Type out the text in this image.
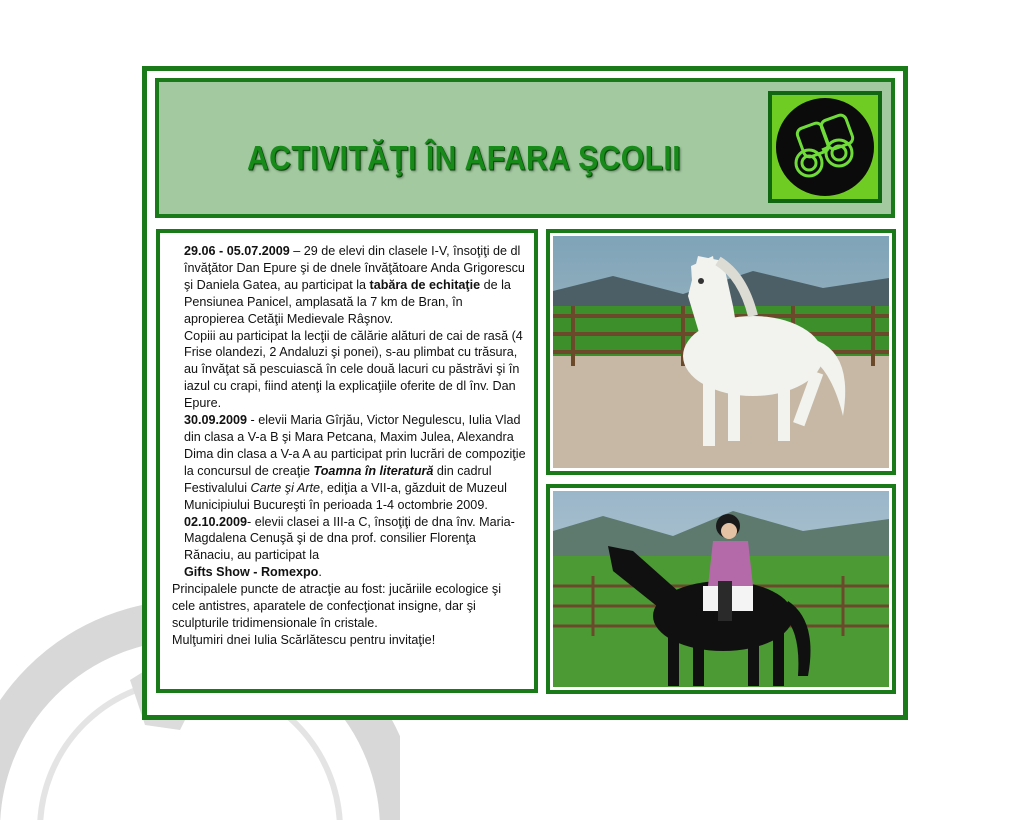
ACTIVITĂŢI ÎN AFARA ŞCOLII

29.06 - 05.07.2009 – 29 de elevi din clasele I-V, însoţiţi de dl învăţător Dan Epure şi de dnele învăţătoare Anda Grigorescu şi Daniela Gatea, au participat la tabăra de echitaţie de la Pensiunea Panicel, amplasată la 7 km de Bran, în apropierea Cetăţii Medievale Râşnov.

Copiii au participat la lecţii de călărie alături de cai de rasă (4 Frise olandezi, 2 Andaluzi şi ponei), s-au plimbat cu trăsura, au învăţat să pescuiască în cele două lacuri cu păstrăvi şi în iazul cu crapi, fiind atenţi la explicaţiile oferite de dl înv. Dan Epure.

30.09.2009 - elevii Maria Gîrjău, Victor Negulescu, Iulia Vlad din clasa a V-a B şi Mara Petcana, Maxim Julea, Alexandra Dima din clasa a V-a A au participat prin lucrări de compoziţie la concursul de creaţie Toamna în literatură din cadrul Festivalului Carte şi Arte, ediţia a VII-a, găzduit de Muzeul Municipiului Bucureşti în perioada 1-4 octombrie 2009.

02.10.2009- elevii clasei a III-a C, însoţiţi de dna înv. Maria-Magdalena Cenuşă şi de dna prof. consilier Florenţa Rănaciu, au participat la

Gifts Show - Romexpo.

Principalele puncte de atracţie au fost: jucăriile ecologice şi cele antistres, aparatele de confecţionat insigne, dar şi sculpturile tridimensionale în cristale.

Mulţumiri dnei Iulia Scărlătescu pentru invitaţie!
